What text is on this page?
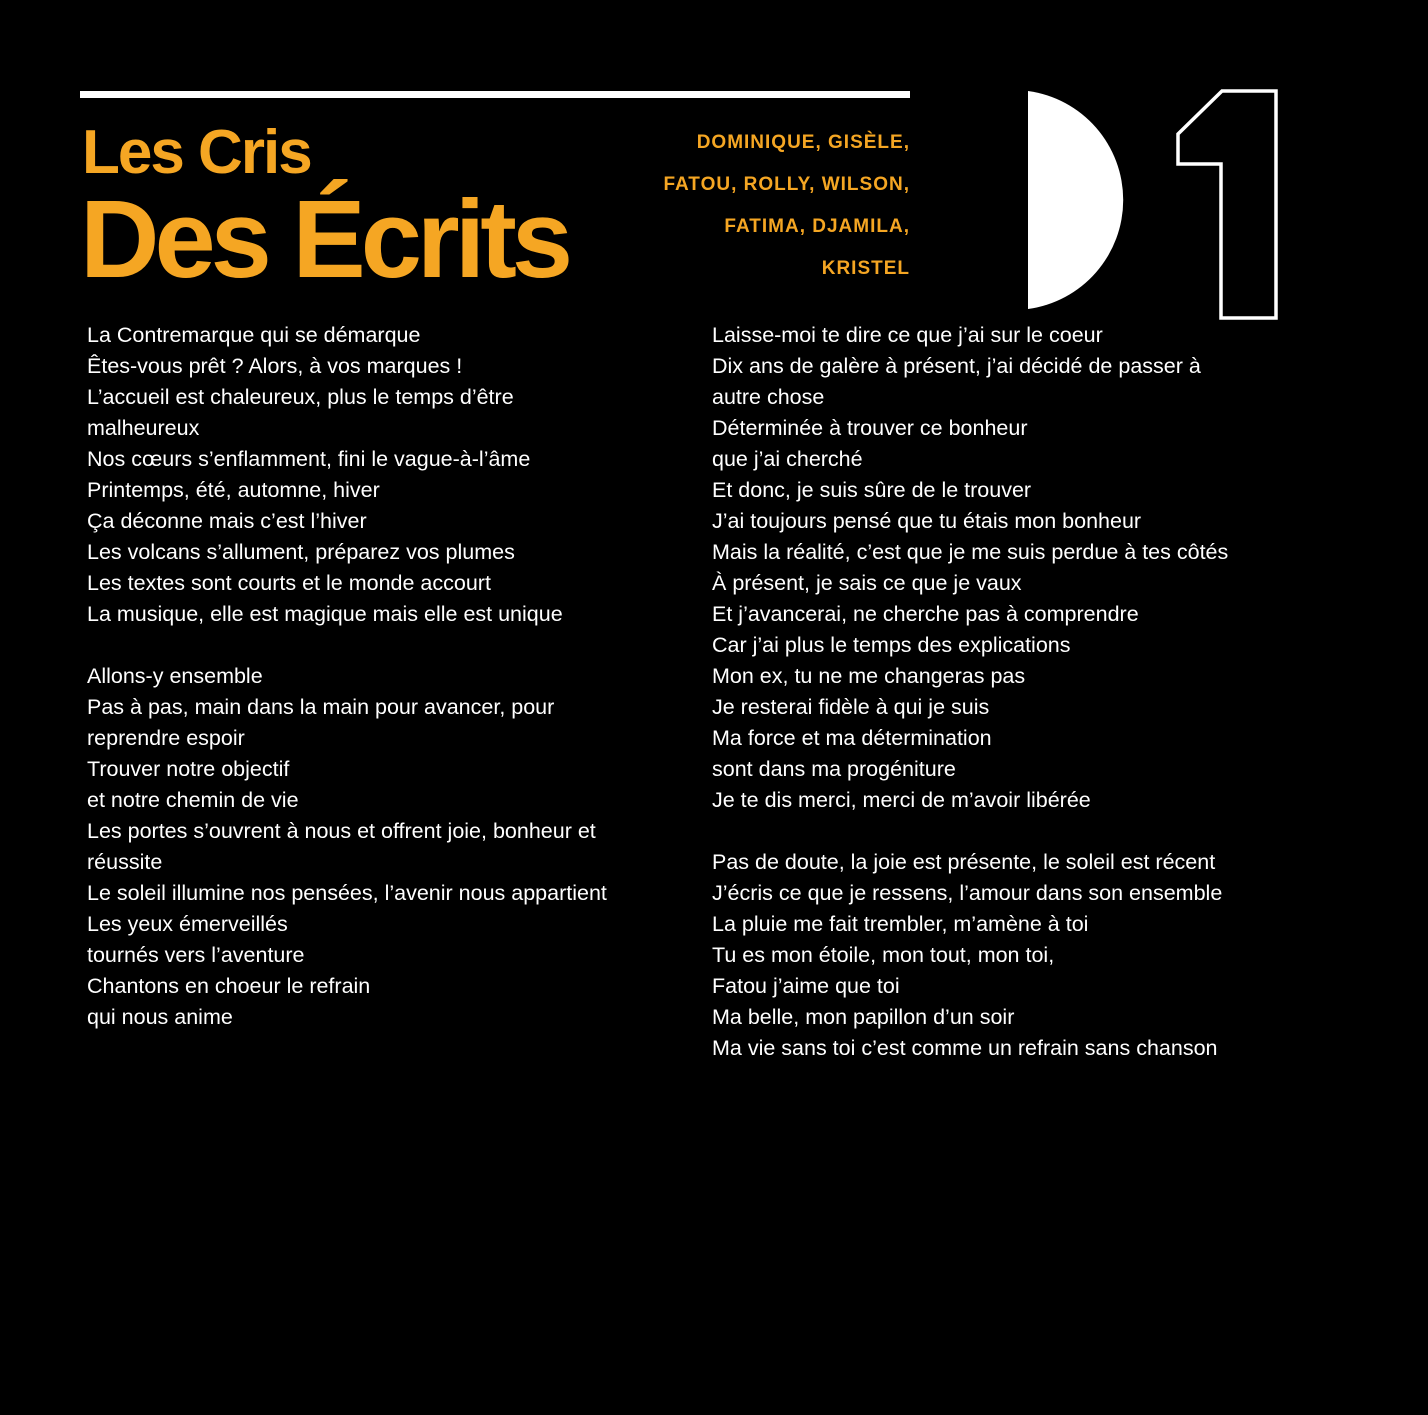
Les Cris
Des Écrits
DOMINIQUE, GISÈLE,
FATOU, ROLLY, WILSON,
FATIMA, DJAMILA,
KRISTEL
La Contremarque qui se démarque
Êtes-vous prêt ? Alors, à vos marques !
L’accueil est chaleureux, plus le temps d’être
malheureux
Nos cœurs s’enflamment, fini le vague-à-l’âme
Printemps, été, automne, hiver
Ça déconne mais c’est l’hiver
Les volcans s’allument, préparez vos plumes
Les textes sont courts et le monde accourt
La musique, elle est magique mais elle est unique
Allons-y ensemble
Pas à pas, main dans la main pour avancer, pour
reprendre espoir
Trouver notre objectif
et notre chemin de vie
Les portes s’ouvrent à nous et offrent joie, bonheur et
réussite
Le soleil illumine nos pensées, l’avenir nous appartient
Les yeux émerveillés
tournés vers l’aventure
Chantons en choeur le refrain
qui nous anime
Laisse-moi te dire ce que j’ai sur le coeur
Dix ans de galère à présent, j’ai décidé de passer à
autre chose
Déterminée à trouver ce bonheur
que j’ai cherché
Et donc, je suis sûre de le trouver
J’ai toujours pensé que tu étais mon bonheur
Mais la réalité, c’est que je me suis perdue à tes côtés
À présent, je sais ce que je vaux
Et j’avancerai, ne cherche pas à comprendre
Car j’ai plus le temps des explications
Mon ex, tu ne me changeras pas
Je resterai fidèle à qui je suis
Ma force et ma détermination
sont dans ma progéniture
Je te dis merci, merci de m’avoir libérée
Pas de doute, la joie est présente, le soleil est récent
J’écris ce que je ressens, l’amour dans son ensemble
La pluie me fait trembler, m’amène à toi
Tu es mon étoile, mon tout, mon toi,
Fatou j’aime que toi
Ma belle, mon papillon d’un soir
Ma vie sans toi c’est comme un refrain sans chanson
